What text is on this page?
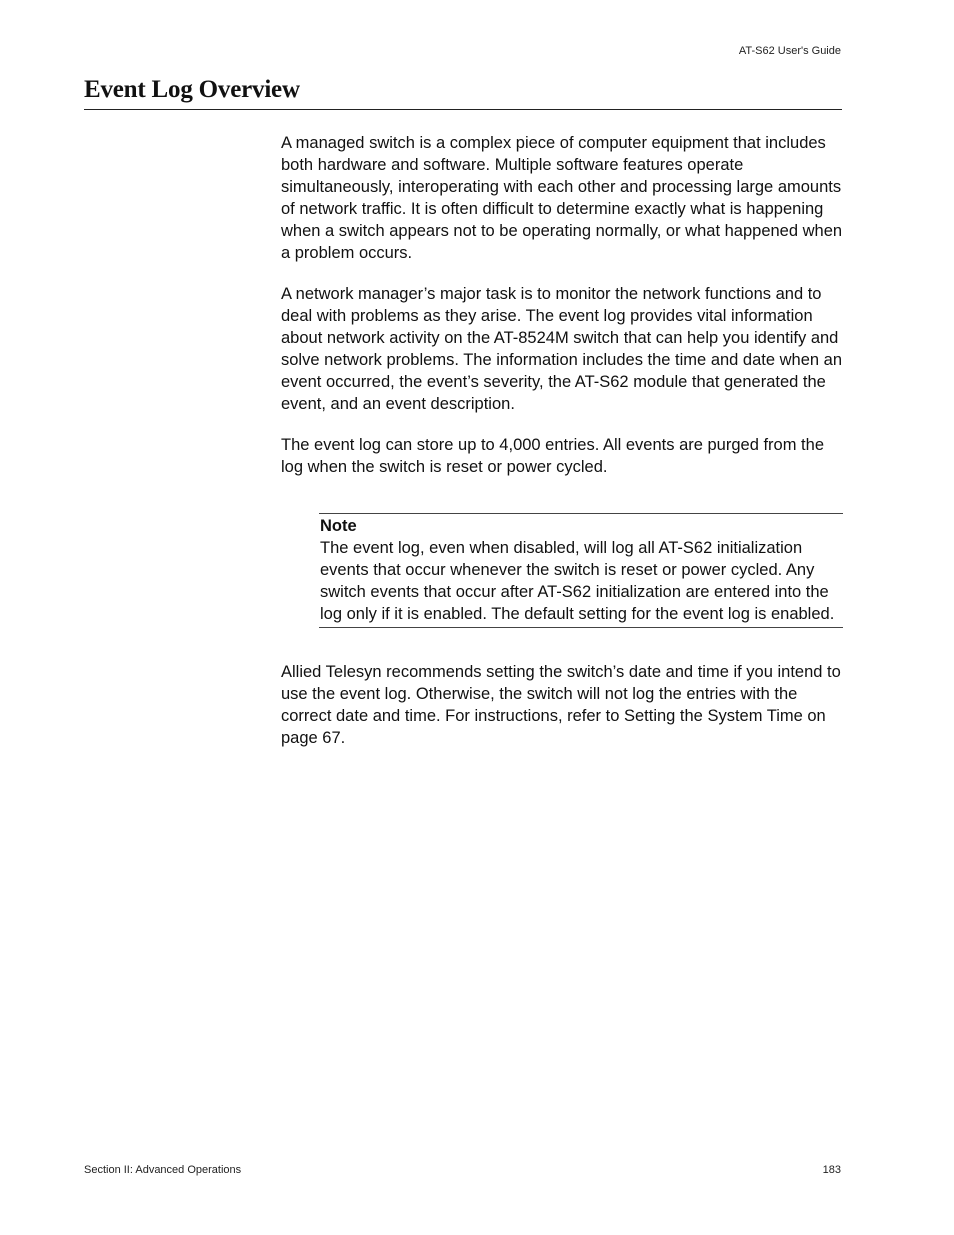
AT-S62 User's Guide
Event Log Overview

A managed switch is a complex piece of computer equipment that includes both hardware and software. Multiple software features operate simultaneously, interoperating with each other and processing large amounts of network traffic. It is often difficult to determine exactly what is happening when a switch appears not to be operating normally, or what happened when a problem occurs.

A network manager’s major task is to monitor the network functions and to deal with problems as they arise. The event log provides vital information about network activity on the AT-8524M switch that can help you identify and solve network problems. The information includes the time and date when an event occurred, the event’s severity, the AT-S62 module that generated the event, and an event description.

The event log can store up to 4,000 entries. All events are purged from the log when the switch is reset or power cycled.

Note

The event log, even when disabled, will log all AT-S62 initialization events that occur whenever the switch is reset or power cycled. Any switch events that occur after AT-S62 initialization are entered into the log only if it is enabled. The default setting for the event log is enabled.

Allied Telesyn recommends setting the switch’s date and time if you intend to use the event log. Otherwise, the switch will not log the entries with the correct date and time. For instructions, refer to Setting the System Time on page 67.

Section II: Advanced Operations	183
